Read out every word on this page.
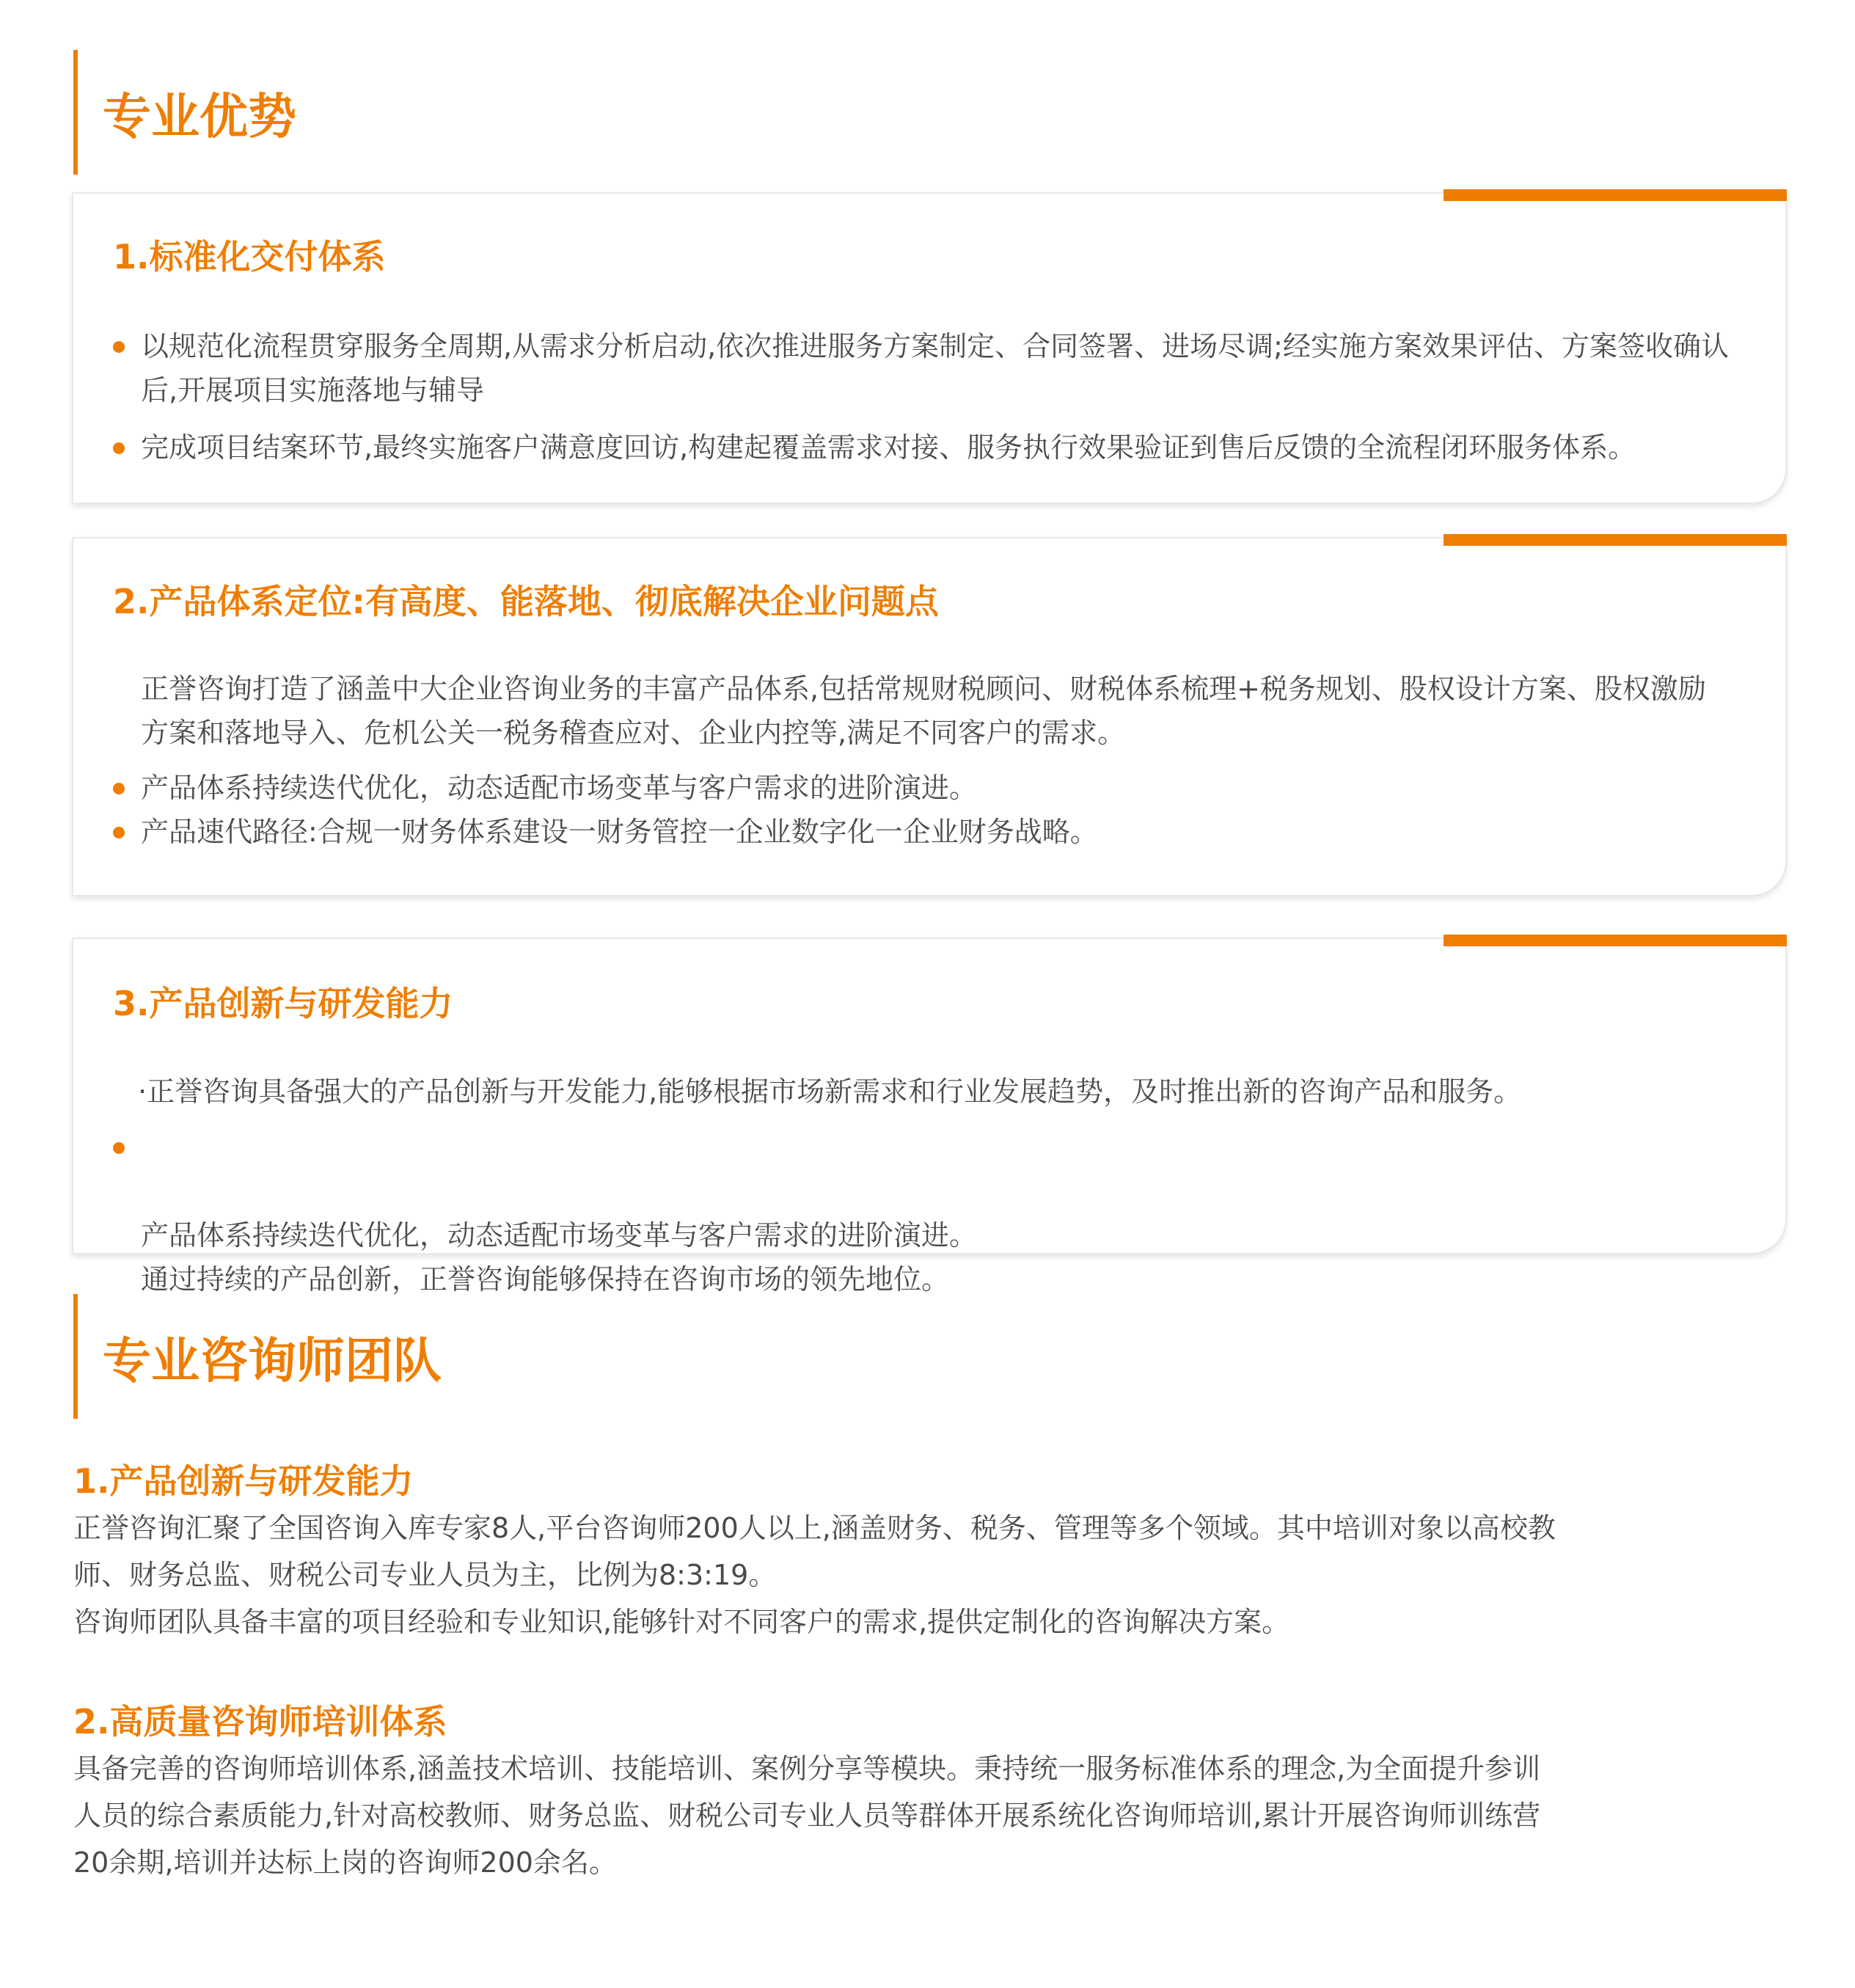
专业优势
1.标准化交付体系
以规范化流程贯穿服务全周期,从需求分析启动,依次推进服务方案制定、合同签署、进场尽调;经实施方案效果评估、方案签收确认后,开展项目实施落地与辅导
完成项目结案环节,最终实施客户满意度回访,构建起覆盖需求对接、服务执行效果验证到售后反馈的全流程闭环服务体系。
2.产品体系定位:有高度、能落地、彻底解决企业问题点

正誉咨询打造了涵盖中大企业咨询业务的丰富产品体系,包括常规财税顾问、财税体系梳理+税务规划、股权设计方案、股权激励方案和落地导入、危机公关一税务稽查应对、企业内控等,满足不同客户的需求。

产品体系持续迭代优化，动态适配市场变革与客户需求的进阶演进。
产品速代路径:合规一财务体系建设一财务管控一企业数字化一企业财务战略。
3.产品创新与研发能力

·正誉咨询具备强大的产品创新与开发能力,能够根据市场新需求和行业发展趋势，及时推出新的咨询产品和服务。

产品体系持续迭代优化，动态适配市场变革与客户需求的进阶演进。
通过持续的产品创新，正誉咨询能够保持在咨询市场的领先地位。

专业咨询师团队
1.产品创新与研发能力

正誉咨询汇聚了全国咨询入库专家8人,平台咨询师200人以上,涵盖财务、税务、管理等多个领域。其中培训对象以高校教

师、财务总监、财税公司专业人员为主，比例为8:3:19。

咨询师团队具备丰富的项目经验和专业知识,能够针对不同客户的需求,提供定制化的咨询解决方案。

2.高质量咨询师培训体系

具备完善的咨询师培训体系,涵盖技术培训、技能培训、案例分享等模块。秉持统一服务标准体系的理念,为全面提升参训

人员的综合素质能力,针对高校教师、财务总监、财税公司专业人员等群体开展系统化咨询师培训,累计开展咨询师训练营

20余期,培训并达标上岗的咨询师200余名。
